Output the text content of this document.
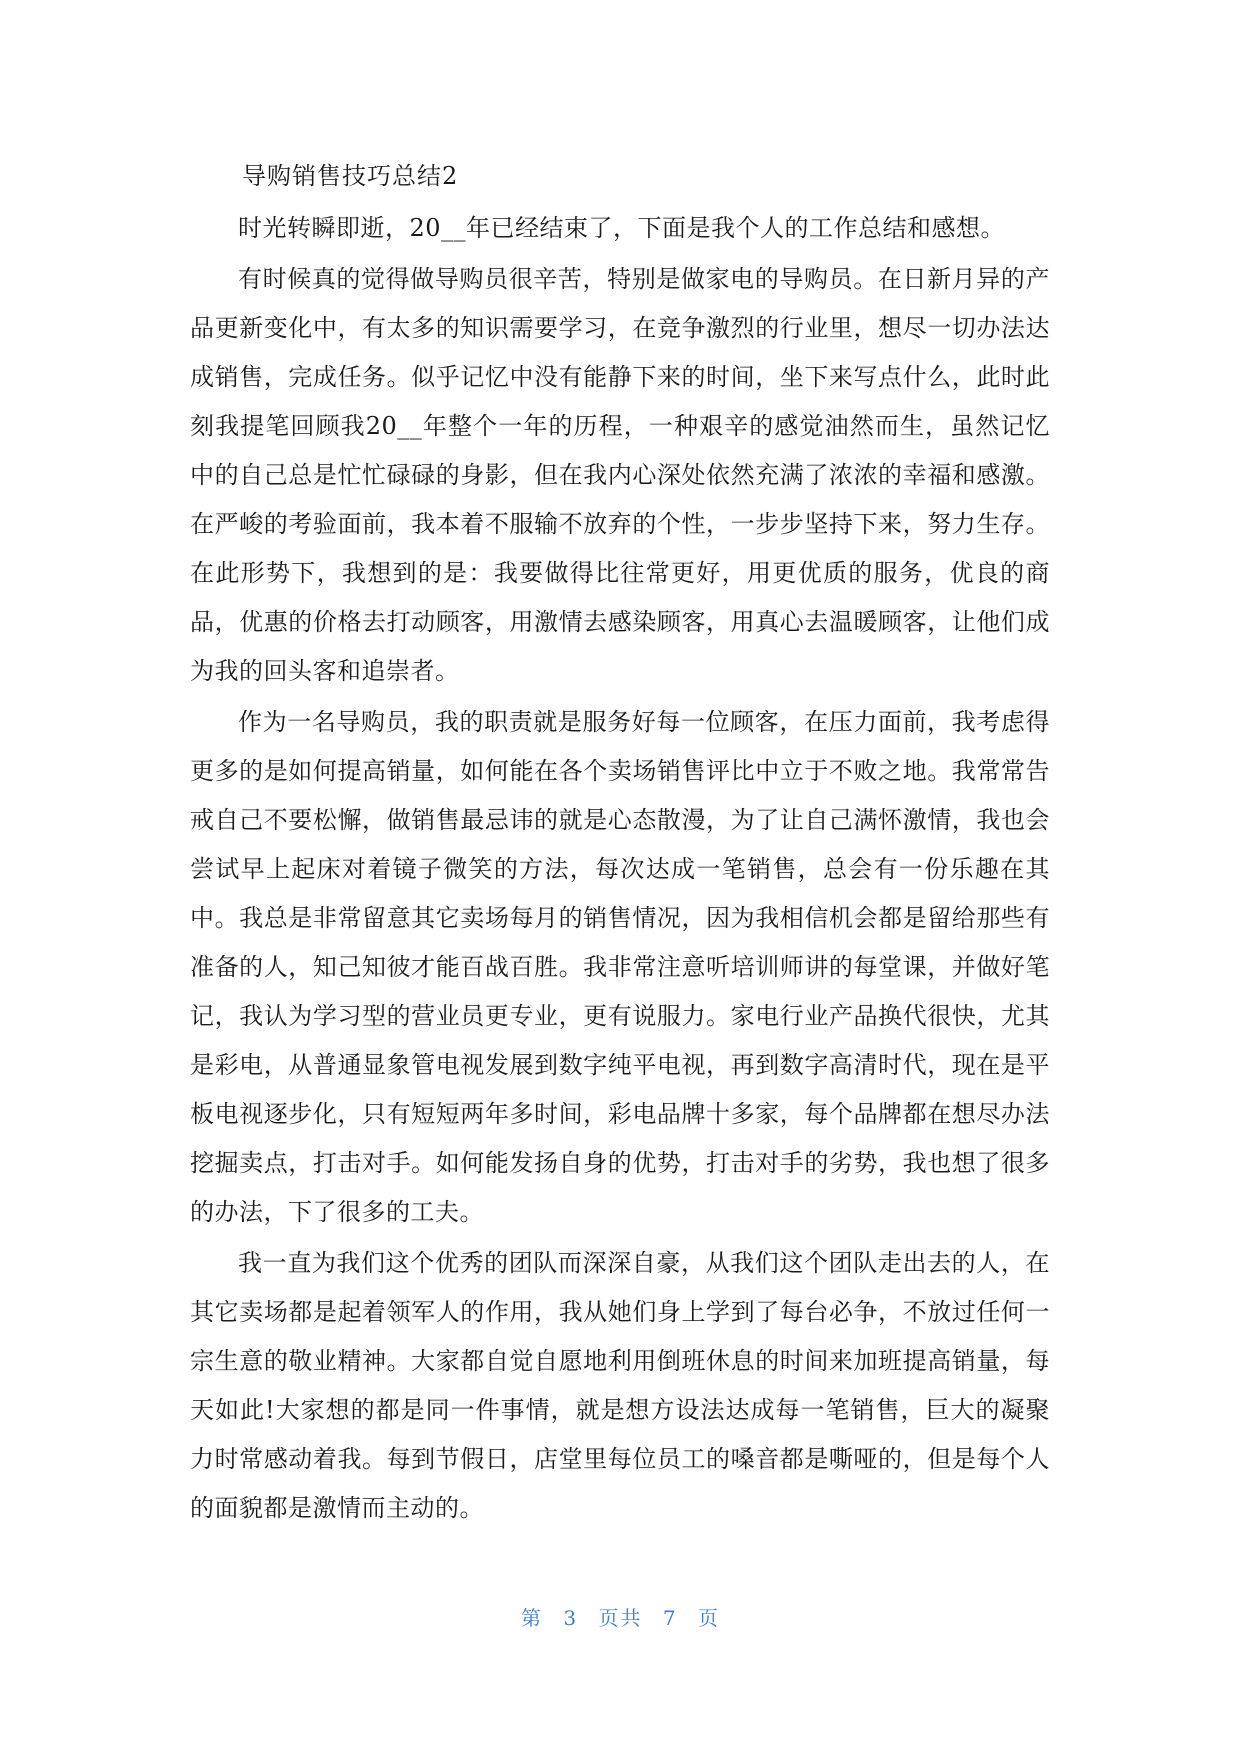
导购销售技巧总结2

时光转瞬即逝，20__年已经结束了，下面是我个人的工作总结和感想。

有时候真的觉得做导购员很辛苦，特别是做家电的导购员。在日新月异的产品更新变化中，有太多的知识需要学习，在竞争激烈的行业里，想尽一切办法达成销售，完成任务。似乎记忆中没有能静下来的时间，坐下来写点什么，此时此刻我提笔回顾我20__年整个一年的历程，一种艰辛的感觉油然而生，虽然记忆中的自己总是忙忙碌碌的身影，但在我内心深处依然充满了浓浓的幸福和感激。在严峻的考验面前，我本着不服输不放弃的个性，一步步坚持下来，努力生存。在此形势下，我想到的是：我要做得比往常更好，用更优质的服务，优良的商品，优惠的价格去打动顾客，用激情去感染顾客，用真心去温暖顾客，让他们成为我的回头客和追崇者。

作为一名导购员，我的职责就是服务好每一位顾客，在压力面前，我考虑得更多的是如何提高销量，如何能在各个卖场销售评比中立于不败之地。我常常告戒自己不要松懈，做销售最忌讳的就是心态散漫，为了让自己满怀激情，我也会尝试早上起床对着镜子微笑的方法，每次达成一笔销售，总会有一份乐趣在其中。我总是非常留意其它卖场每月的销售情况，因为我相信机会都是留给那些有准备的人，知己知彼才能百战百胜。我非常注意听培训师讲的每堂课，并做好笔记，我认为学习型的营业员更专业，更有说服力。家电行业产品换代很快，尤其是彩电，从普通显象管电视发展到数字纯平电视，再到数字高清时代，现在是平板电视逐步化，只有短短两年多时间，彩电品牌十多家，每个品牌都在想尽办法挖掘卖点，打击对手。如何能发扬自身的优势，打击对手的劣势，我也想了很多的办法，下了很多的工夫。

我一直为我们这个优秀的团队而深深自豪，从我们这个团队走出去的人，在其它卖场都是起着领军人的作用，我从她们身上学到了每台必争，不放过任何一宗生意的敬业精神。大家都自觉自愿地利用倒班休息的时间来加班提高销量，每天如此!大家想的都是同一件事情，就是想方设法达成每一笔销售，巨大的凝聚力时常感动着我。每到节假日，店堂里每位员工的嗓音都是嘶哑的，但是每个人的面貌都是激情而主动的。

第 3 页共 7 页
